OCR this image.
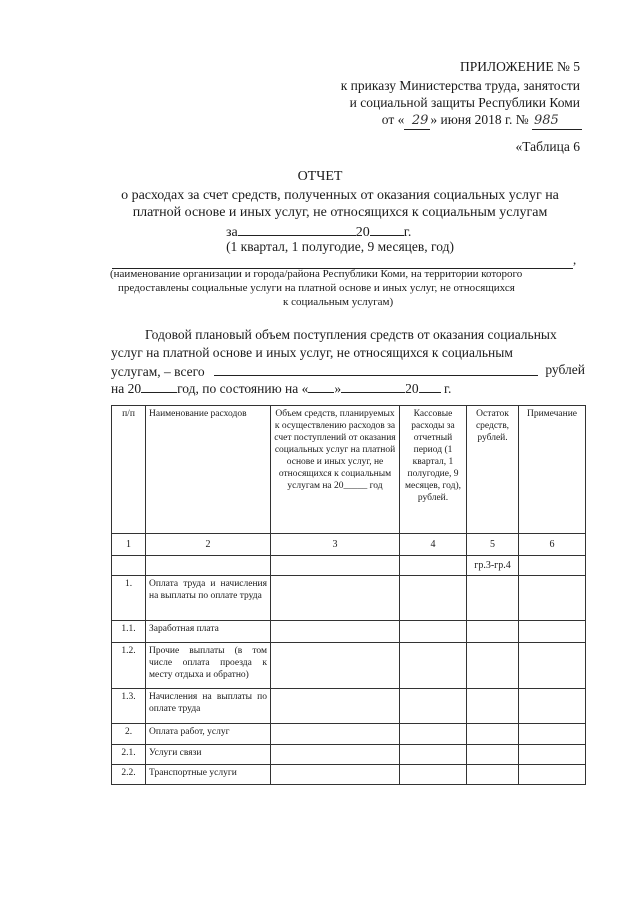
ПРИЛОЖЕНИЕ № 5
к приказу Министерства труда, занятости
и социальной защиты Республики Коми
от « 29 » июня 2018 г. № 985
«Таблица 6
ОТЧЕТ
о расходах за счет средств, полученных от оказания социальных услуг на
платной основе и иных услуг, не относящихся к социальным услугам
за	20 г.
(1 квартал, 1 полугодие, 9 месяцев, год)
,
(наименование организации и города/района Республики Коми, на территории которого
предоставлены социальные услуги на платной основе и иных услуг, не относящихся
к социальным услугам)
Годовой плановый объем поступления средств от оказания социальных
услуг на платной основе и иных услуг, не относящихся к социальным
услугам, – всего	рублей
на 20	год, по состоянию на « »	20 г.
п/п	Наименование расходов	Объем средств, планируемых к осуществлению расходов за счет поступлений от оказания социальных услуг на платной основе и иных услуг, не относящихся к социальным услугам на 20_____ год	Кассовые расходы за отчетный период (1 квартал, 1 полугодие, 9 месяцев, год), рублей.	Остаток средств, рублей.	Примечание
1	2	3	4	5	6
				гр.3-гр.4	
1.	Оплата труда и начисления на выплаты по оплате труда				
1.1.	Заработная плата				
1.2.	Прочие выплаты (в том числе оплата проезда к месту отдыха и обратно)				
1.3.	Начисления на выплаты по оплате труда				
2.	Оплата работ, услуг				
2.1.	Услуги связи				
2.2.	Транспортные услуги				
